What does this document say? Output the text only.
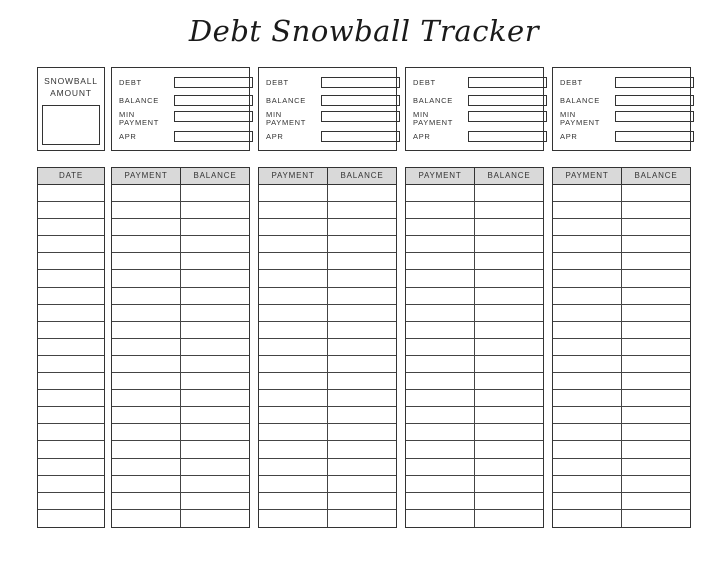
Debt Snowball Tracker
SNOWBALL
AMOUNT
DEBT
BALANCE
MIN
PAYMENT
APR
DEBT
BALANCE
MIN
PAYMENT
APR
DEBT
BALANCE
MIN
PAYMENT
APR
DEBT
BALANCE
MIN
PAYMENT
APR
DATE	PAYMENT	BALANCE	PAYMENT	BALANCE	PAYMENT	BALANCE	PAYMENT	BALANCE
